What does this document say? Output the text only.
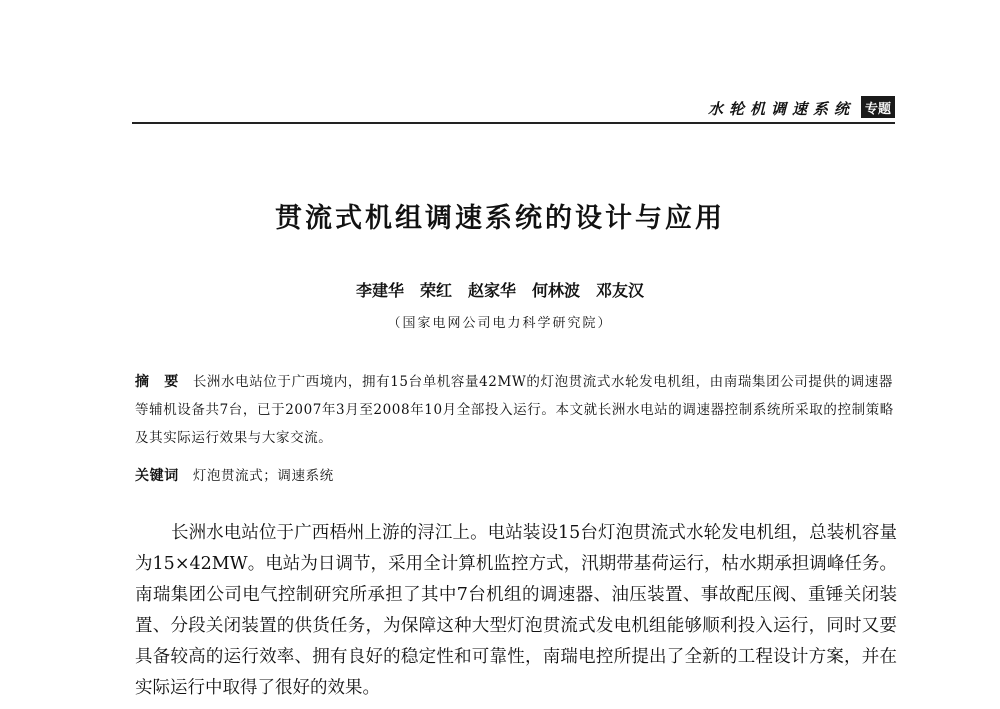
水轮机调速系统 专题
贯流式机组调速系统的设计与应用
李建华　荣红　赵家华　何林波　邓友汉
（国家电网公司电力科学研究院）
摘　要 长洲水电站位于广西境内，拥有15台单机容量42MW的灯泡贯流式水轮发电机组，由南瑞集团公司提供的调速器等辅机设备共7台，已于2007年3月至2008年10月全部投入运行。本文就长洲水电站的调速器控制系统所采取的控制策略及其实际运行效果与大家交流。
关键词 灯泡贯流式；调速系统
长洲水电站位于广西梧州上游的浔江上。电站装设15台灯泡贯流式水轮发电机组，总装机容量为15×42MW。电站为日调节，采用全计算机监控方式，汛期带基荷运行，枯水期承担调峰任务。南瑞集团公司电气控制研究所承担了其中7台机组的调速器、油压装置、事故配压阀、重锤关闭装置、分段关闭装置的供货任务，为保障这种大型灯泡贯流式发电机组能够顺利投入运行，同时又要具备较高的运行效率、拥有良好的稳定性和可靠性，南瑞电控所提出了全新的工程设计方案，并在实际运行中取得了很好的效果。
